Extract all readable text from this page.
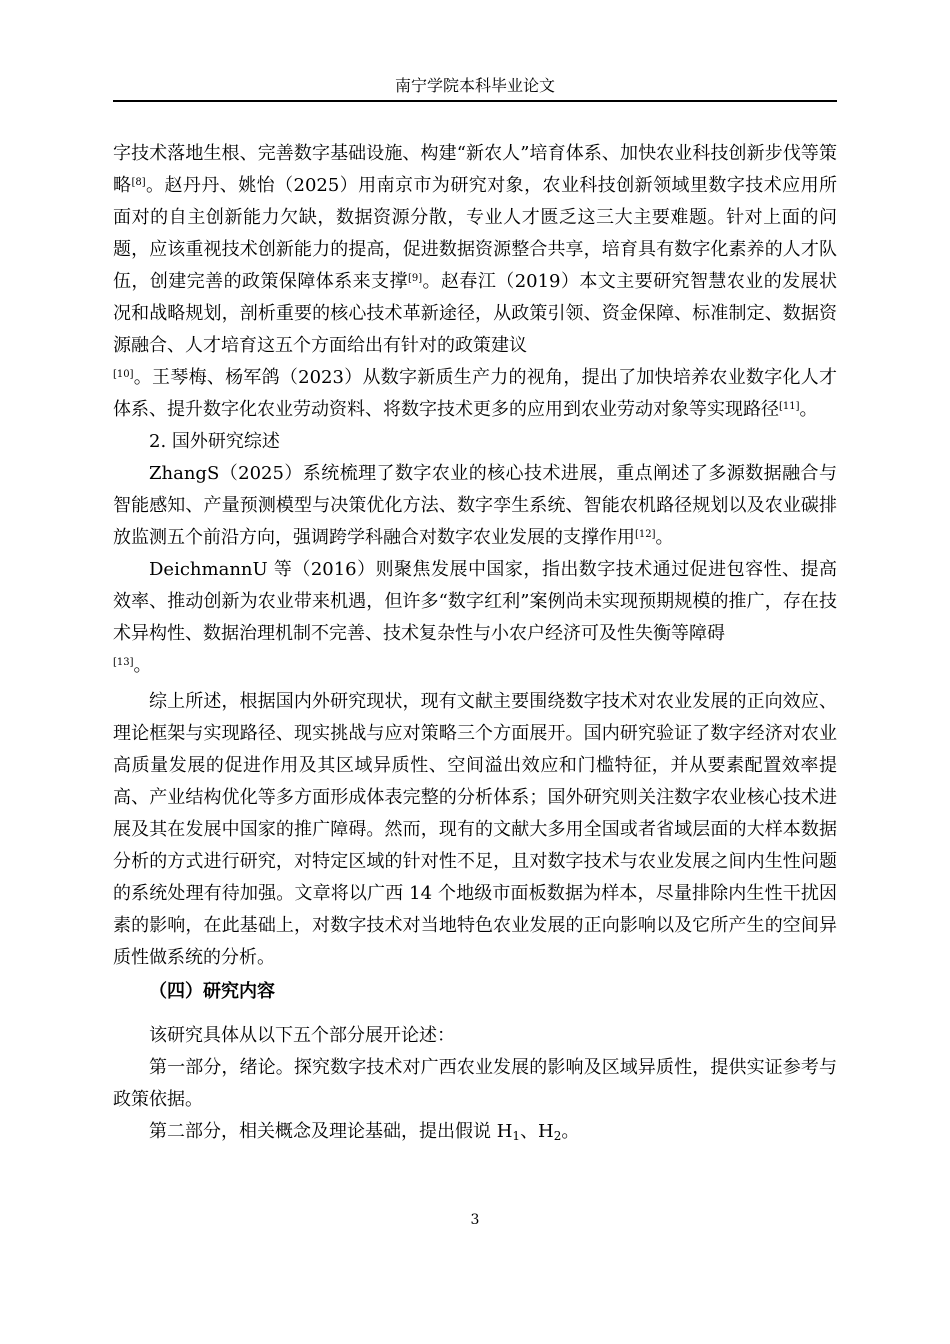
南宁学院本科毕业论文

字技术落地生根、完善数字基础设施、构建“新农人”培育体系、加快农业科技创新步伐等策略[8]。赵丹丹、姚怡（2025）用南京市为研究对象，农业科技创新领域里数字技术应用所面对的自主创新能力欠缺，数据资源分散，专业人才匮乏这三大主要难题。针对上面的问题，应该重视技术创新能力的提高，促进数据资源整合共享，培育具有数字化素养的人才队伍，创建完善的政策保障体系来支撑[9]。赵春江（2019）本文主要研究智慧农业的发展状况和战略规划，剖析重要的核心技术革新途径，从政策引领、资金保障、标准制定、数据资源融合、人才培育这五个方面给出有针对的政策建议
[10]。王琴梅、杨军鸽（2023）从数字新质生产力的视角，提出了加快培养农业数字化人才体系、提升数字化农业劳动资料、将数字技术更多的应用到农业劳动对象等实现路径[11]。

2. 国外研究综述

ZhangS（2025）系统梳理了数字农业的核心技术进展，重点阐述了多源数据融合与智能感知、产量预测模型与决策优化方法、数字孪生系统、智能农机路径规划以及农业碳排放监测五个前沿方向，强调跨学科融合对数字农业发展的支撑作用[12]。

DeichmannU 等（2016）则聚焦发展中国家，指出数字技术通过促进包容性、提高效率、推动创新为农业带来机遇，但许多“数字红利”案例尚未实现预期规模的推广，存在技术异构性、数据治理机制不完善、技术复杂性与小农户经济可及性失衡等障碍
[13]。

综上所述，根据国内外研究现状，现有文献主要围绕数字技术对农业发展的正向效应、理论框架与实现路径、现实挑战与应对策略三个方面展开。国内研究验证了数字经济对农业高质量发展的促进作用及其区域异质性、空间溢出效应和门槛特征，并从要素配置效率提高、产业结构优化等多方面形成体表完整的分析体系；国外研究则关注数字农业核心技术进展及其在发展中国家的推广障碍。然而，现有的文献大多用全国或者省域层面的大样本数据分析的方式进行研究，对特定区域的针对性不足，且对数字技术与农业发展之间内生性问题的系统处理有待加强。文章将以广西 14 个地级市面板数据为样本，尽量排除内生性干扰因素的影响，在此基础上，对数字技术对当地特色农业发展的正向影响以及它所产生的空间异质性做系统的分析。

（四）研究内容

该研究具体从以下五个部分展开论述：

第一部分，绪论。探究数字技术对广西农业发展的影响及区域异质性，提供实证参考与政策依据。

第二部分，相关概念及理论基础，提出假说 $H_1$、$H_2$。

3
